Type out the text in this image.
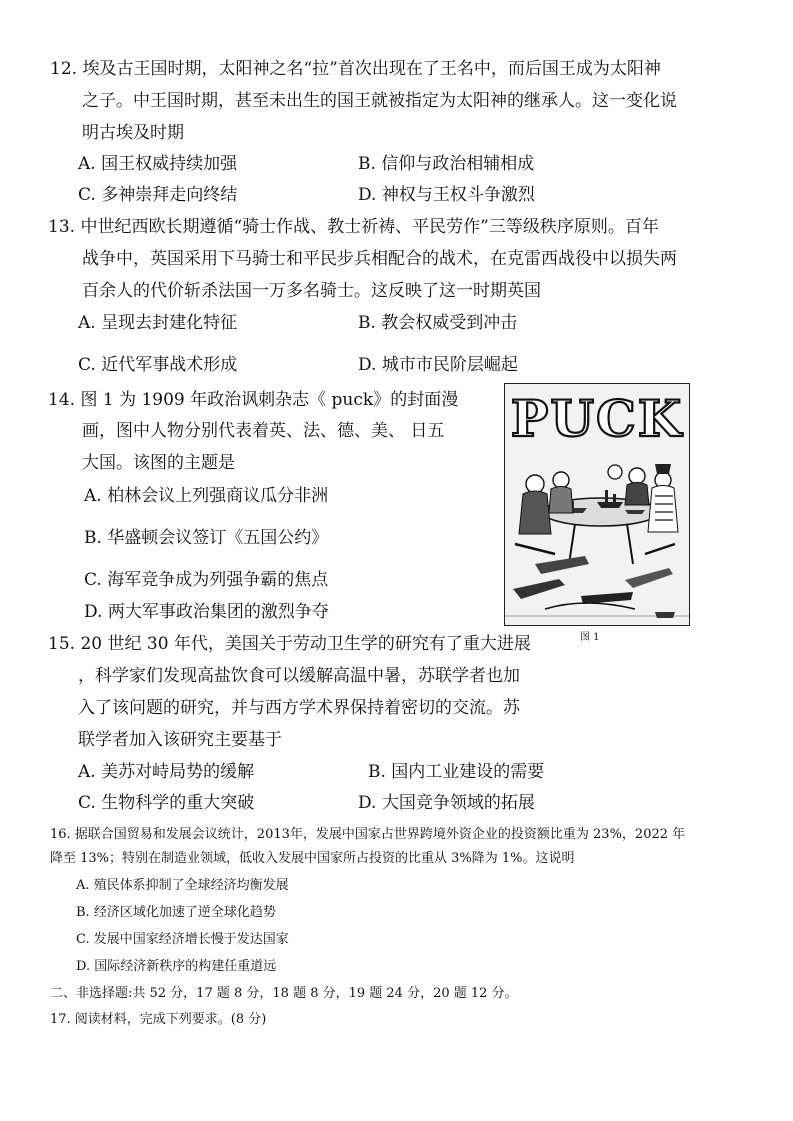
12. 埃及古王国时期，太阳神之名“拉”首次出现在了王名中，而后国王成为太阳神
之子。中王国时期，甚至未出生的国王就被指定为太阳神的继承人。这一变化说
明古埃及时期
A. 国王权威持续加强	B. 信仰与政治相辅相成
C. 多神崇拜走向终结	D. 神权与王权斗争激烈
13. 中世纪西欧长期遵循“骑士作战、教士祈祷、平民劳作”三等级秩序原则。百年
战争中，英国采用下马骑士和平民步兵相配合的战术，在克雷西战役中以损失两
百余人的代价斩杀法国一万多名骑士。这反映了这一时期英国
A. 呈现去封建化特征	B. 教会权威受到冲击
C. 近代军事战术形成	D. 城市市民阶层崛起
14. 图 1 为 1909 年政治讽刺杂志《 puck》的封面漫
画，图中人物分别代表着英、法、德、美、 日五
大国。该图的主题是
A. 柏林会议上列强商议瓜分非洲
B. 华盛顿会议签订《五国公约》
C. 海军竞争成为列强争霸的焦点
D. 两大军事政治集团的激烈争夺
PUCK
图 1
15. 20 世纪 30 年代，美国关于劳动卫生学的研究有了重大进展
，科学家们发现高盐饮食可以缓解高温中暑，苏联学者也加
入了该问题的研究，并与西方学术界保持着密切的交流。苏
联学者加入该研究主要基于
A. 美苏对峙局势的缓解	B. 国内工业建设的需要
C. 生物科学的重大突破	D. 大国竞争领域的拓展
16. 据联合国贸易和发展会议统计，2013年，发展中国家占世界跨境外资企业的投资额比重为 23%，2022 年
降至 13%；特别在制造业领域，低收入发展中国家所占投资的比重从 3%降为 1%。这说明
A. 殖民体系抑制了全球经济均衡发展
B. 经济区域化加速了逆全球化趋势
C. 发展中国家经济增长慢于发达国家
D. 国际经济新秩序的构建任重道远
二、非选择题:共 52 分，17 题 8 分，18 题 8 分，19 题 24 分，20 题 12 分。
17. 阅读材料，完成下列要求。(8 分)
